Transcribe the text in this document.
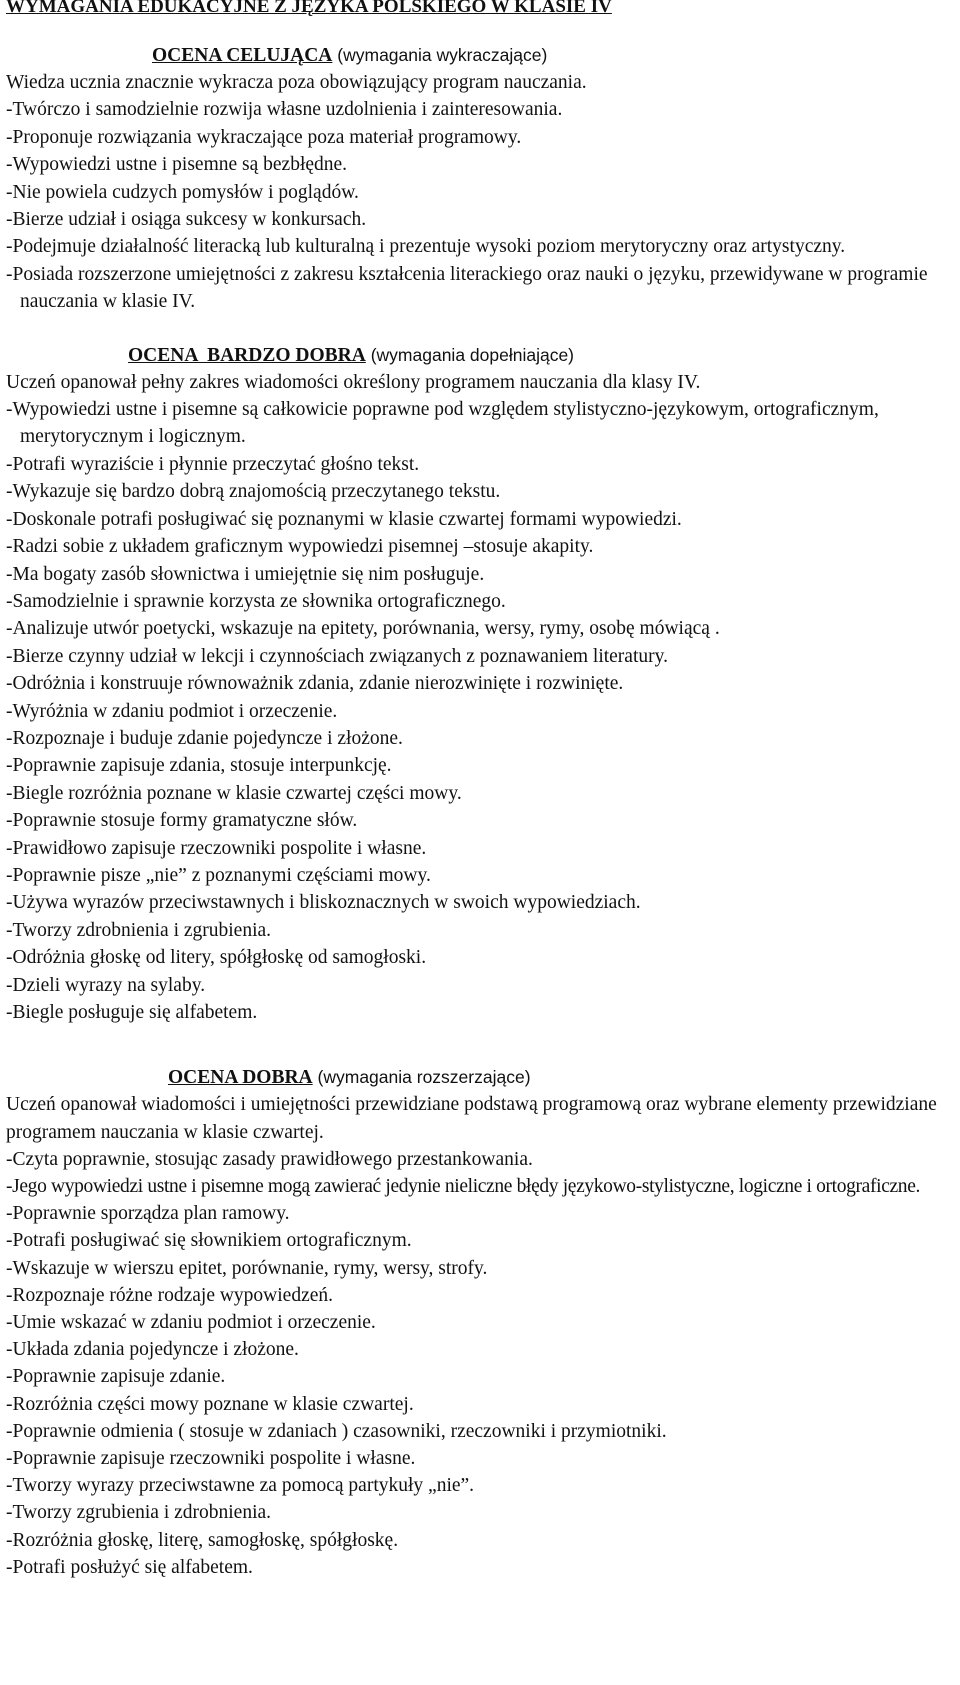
WYMAGANIA EDUKACYJNE Z JĘZYKA POLSKIEGO W KLASIE IV
OCENA CELUJĄCA (wymagania wykraczające)
Wiedza ucznia znacznie wykracza poza obowiązujący program nauczania.
-Twórczo i samodzielnie rozwija własne uzdolnienia i zainteresowania.
-Proponuje rozwiązania wykraczające poza materiał programowy.
-Wypowiedzi ustne i pisemne są bezbłędne.
-Nie powiela cudzych pomysłów i poglądów.
-Bierze udział i osiąga sukcesy w konkursach.
-Podejmuje działalność literacką lub kulturalną i prezentuje wysoki poziom merytoryczny oraz artystyczny.
-Posiada rozszerzone umiejętności z zakresu kształcenia literackiego oraz nauki o języku, przewidywane w programie nauczania w klasie IV.
OCENA  BARDZO DOBRA (wymagania dopełniające)
Uczeń opanował pełny zakres wiadomości określony programem nauczania dla klasy IV.
-Wypowiedzi ustne i pisemne są całkowicie poprawne pod względem stylistyczno-językowym, ortograficznym, merytorycznym i logicznym.
-Potrafi wyraziście i płynnie przeczytać głośno tekst.
-Wykazuje się bardzo dobrą znajomością przeczytanego tekstu.
-Doskonale potrafi posługiwać się poznanymi w klasie czwartej formami wypowiedzi.
-Radzi sobie z układem graficznym wypowiedzi pisemnej –stosuje akapity.
-Ma bogaty zasób słownictwa i umiejętnie się nim posługuje.
-Samodzielnie i sprawnie korzysta ze słownika ortograficznego.
-Analizuje utwór poetycki, wskazuje na epitety, porównania, wersy, rymy, osobę mówiącą .
-Bierze czynny udział w lekcji i czynnościach związanych z poznawaniem literatury.
-Odróżnia i konstruuje równoważnik zdania, zdanie nierozwinięte i rozwinięte.
-Wyróżnia w zdaniu podmiot i orzeczenie.
-Rozpoznaje i buduje zdanie pojedyncze i złożone.
-Poprawnie zapisuje zdania, stosuje interpunkcję.
-Biegle rozróżnia poznane w klasie czwartej części mowy.
-Poprawnie stosuje formy gramatyczne słów.
-Prawidłowo zapisuje rzeczowniki pospolite i własne.
-Poprawnie pisze „nie” z poznanymi częściami mowy.
-Używa wyrazów przeciwstawnych i bliskoznacznych w swoich wypowiedziach.
-Tworzy zdrobnienia i zgrubienia.
-Odróżnia głoskę od litery, spółgłoskę od samogłoski.
-Dzieli wyrazy na sylaby.
-Biegle posługuje się alfabetem.
OCENA DOBRA (wymagania rozszerzające)
Uczeń opanował wiadomości i umiejętności przewidziane podstawą programową oraz wybrane elementy przewidziane programem nauczania w klasie czwartej.
-Czyta poprawnie, stosując zasady prawidłowego przestankowania.
-Jego wypowiedzi ustne i pisemne mogą zawierać jedynie nieliczne błędy językowo-stylistyczne, logiczne i ortograficzne.
-Poprawnie sporządza plan ramowy.
-Potrafi posługiwać się słownikiem ortograficznym.
-Wskazuje w wierszu epitet, porównanie, rymy, wersy, strofy.
-Rozpoznaje różne rodzaje wypowiedzeń.
-Umie wskazać w zdaniu podmiot i orzeczenie.
-Układa zdania pojedyncze i złożone.
-Poprawnie zapisuje zdanie.
-Rozróżnia części mowy poznane w klasie czwartej.
-Poprawnie odmienia ( stosuje w zdaniach ) czasowniki, rzeczowniki i przymiotniki.
-Poprawnie zapisuje rzeczowniki pospolite i własne.
-Tworzy wyrazy przeciwstawne za pomocą partykuły „nie”.
-Tworzy zgrubienia i zdrobnienia.
-Rozróżnia głoskę, literę, samogłoskę, spółgłoskę.
-Potrafi posłużyć się alfabetem.
